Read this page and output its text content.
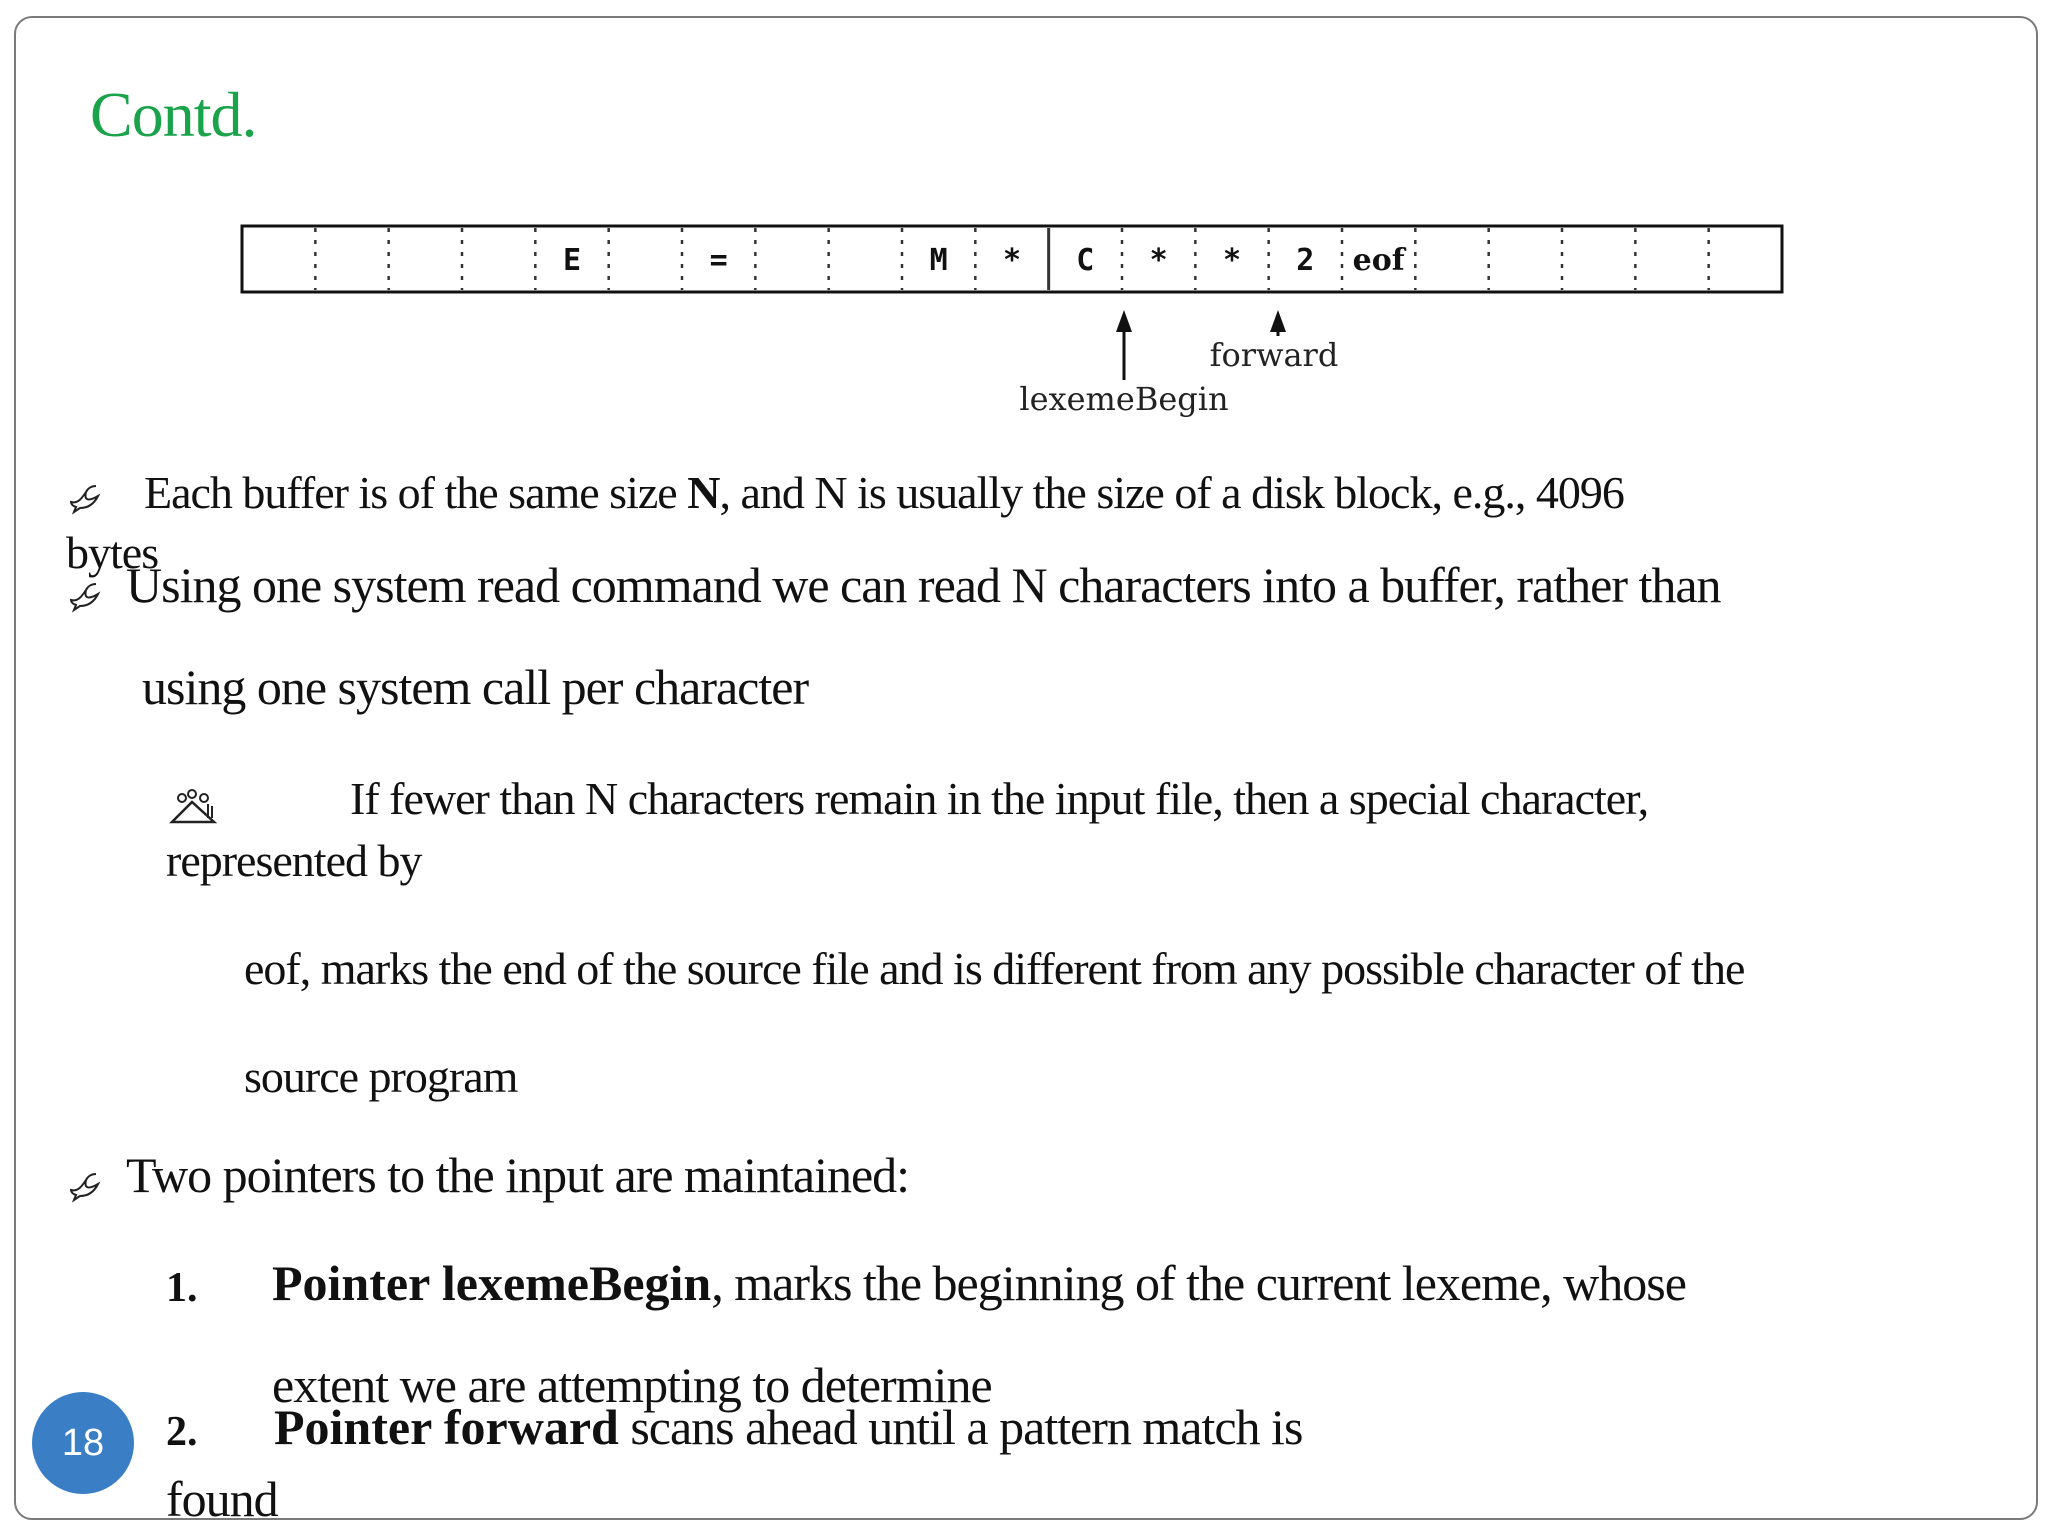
Contd.
E	=	M * C * * 2 eof
forward
lexemeBegin
Each buffer is of the same size N, and N is usually the size of a disk block, e.g., 4096
bytes
Using one system read command we can read N characters into a buffer, rather than
using one system call per character
If fewer than N characters remain in the input file, then a special character,
represented by
eof, marks the end of the source file and is different from any possible character of the
source program
Two pointers to the input are maintained:
1. Pointer lexemeBegin, marks the beginning of the current lexeme, whose
extent we are attempting to determine
2. Pointer forward scans ahead until a pattern match is
found
18
